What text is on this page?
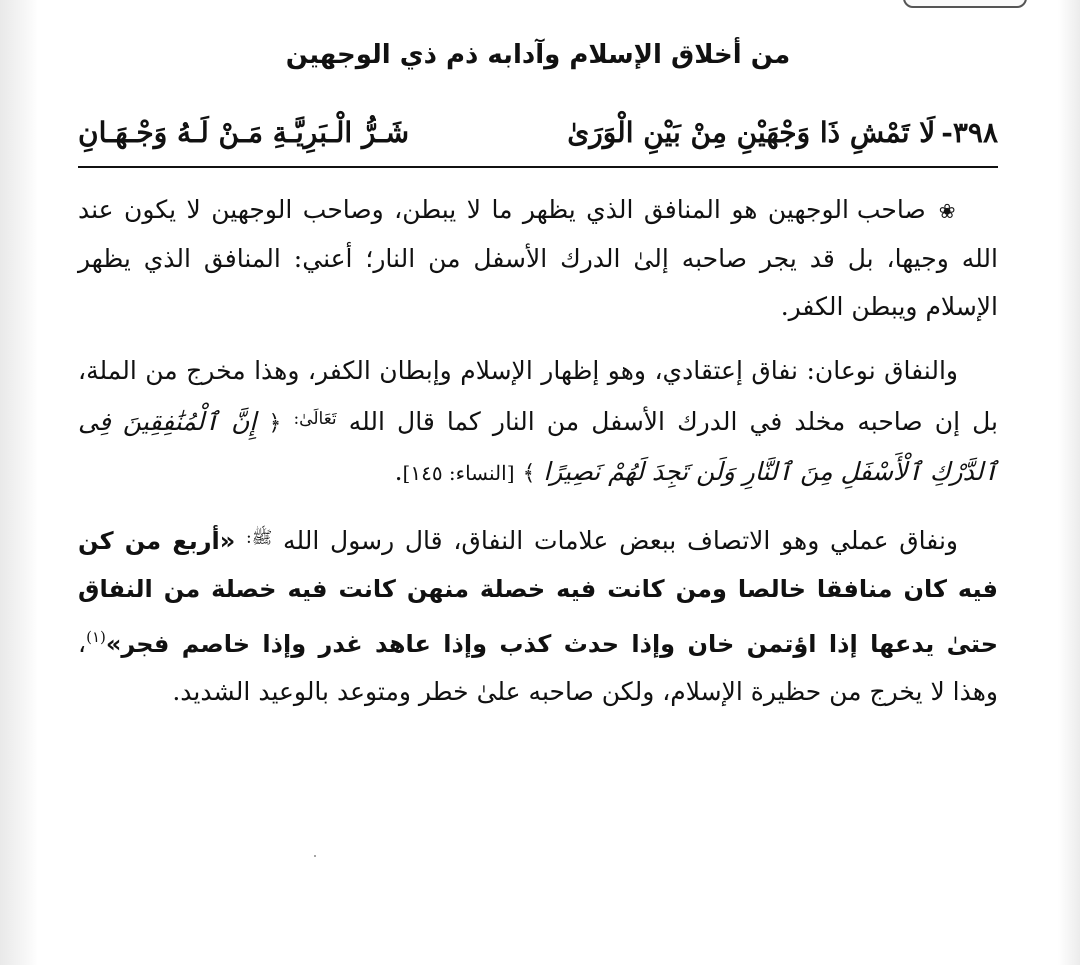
من أخلاق الإسلام وآدابه ذم ذي الوجهين
٣٩٨-
لَا تَمْشِ ذَا وَجْهَيْنِ مِنْ بَيْنِ الْوَرَىٰ
شَـرُّ الْـبَرِيَّـةِ مَـنْ لَـهُ وَجْـهَـانِ

❀ صاحب الوجهين هو المنافق الذي يظهر ما لا يبطن، وصاحب الوجهين لا يكون عند الله وجيها، بل قد يجر صاحبه إلىٰ الدرك الأسفل من النار؛ أعني: المنافق الذي يظهر الإسلام ويبطن الكفر.

والنفاق نوعان: نفاق إعتقادي، وهو إظهار الإسلام وإبطان الكفر، وهذا مخرج من الملة، بل إن صاحبه مخلد في الدرك الأسفل من النار كما قال الله $^{تَعَالَىٰ:}$ ﴿ إِنَّ ٱلْمُنَٰفِقِينَ فِى ٱلدَّرْكِ ٱلْأَسْفَلِ مِنَ ٱلنَّارِ وَلَن تَجِدَ لَهُمْ نَصِيرًا ﴾ [النساء: ١٤٥].

ونفاق عملي وهو الاتصاف ببعض علامات النفاق، قال رسول الله $^{ﷺ:}$ «أربع من كن فيه كان منافقا خالصا ومن كانت فيه خصلة منهن كانت فيه خصلة من النفاق حتىٰ يدعها إذا اؤتمن خان وإذا حدث كذب وإذا عاهد غدر وإذا خاصم فجر»$^{(١)}$، وهذا لا يخرج من حظيرة الإسلام، ولكن صاحبه علىٰ خطر ومتوعد بالوعيد الشديد.
